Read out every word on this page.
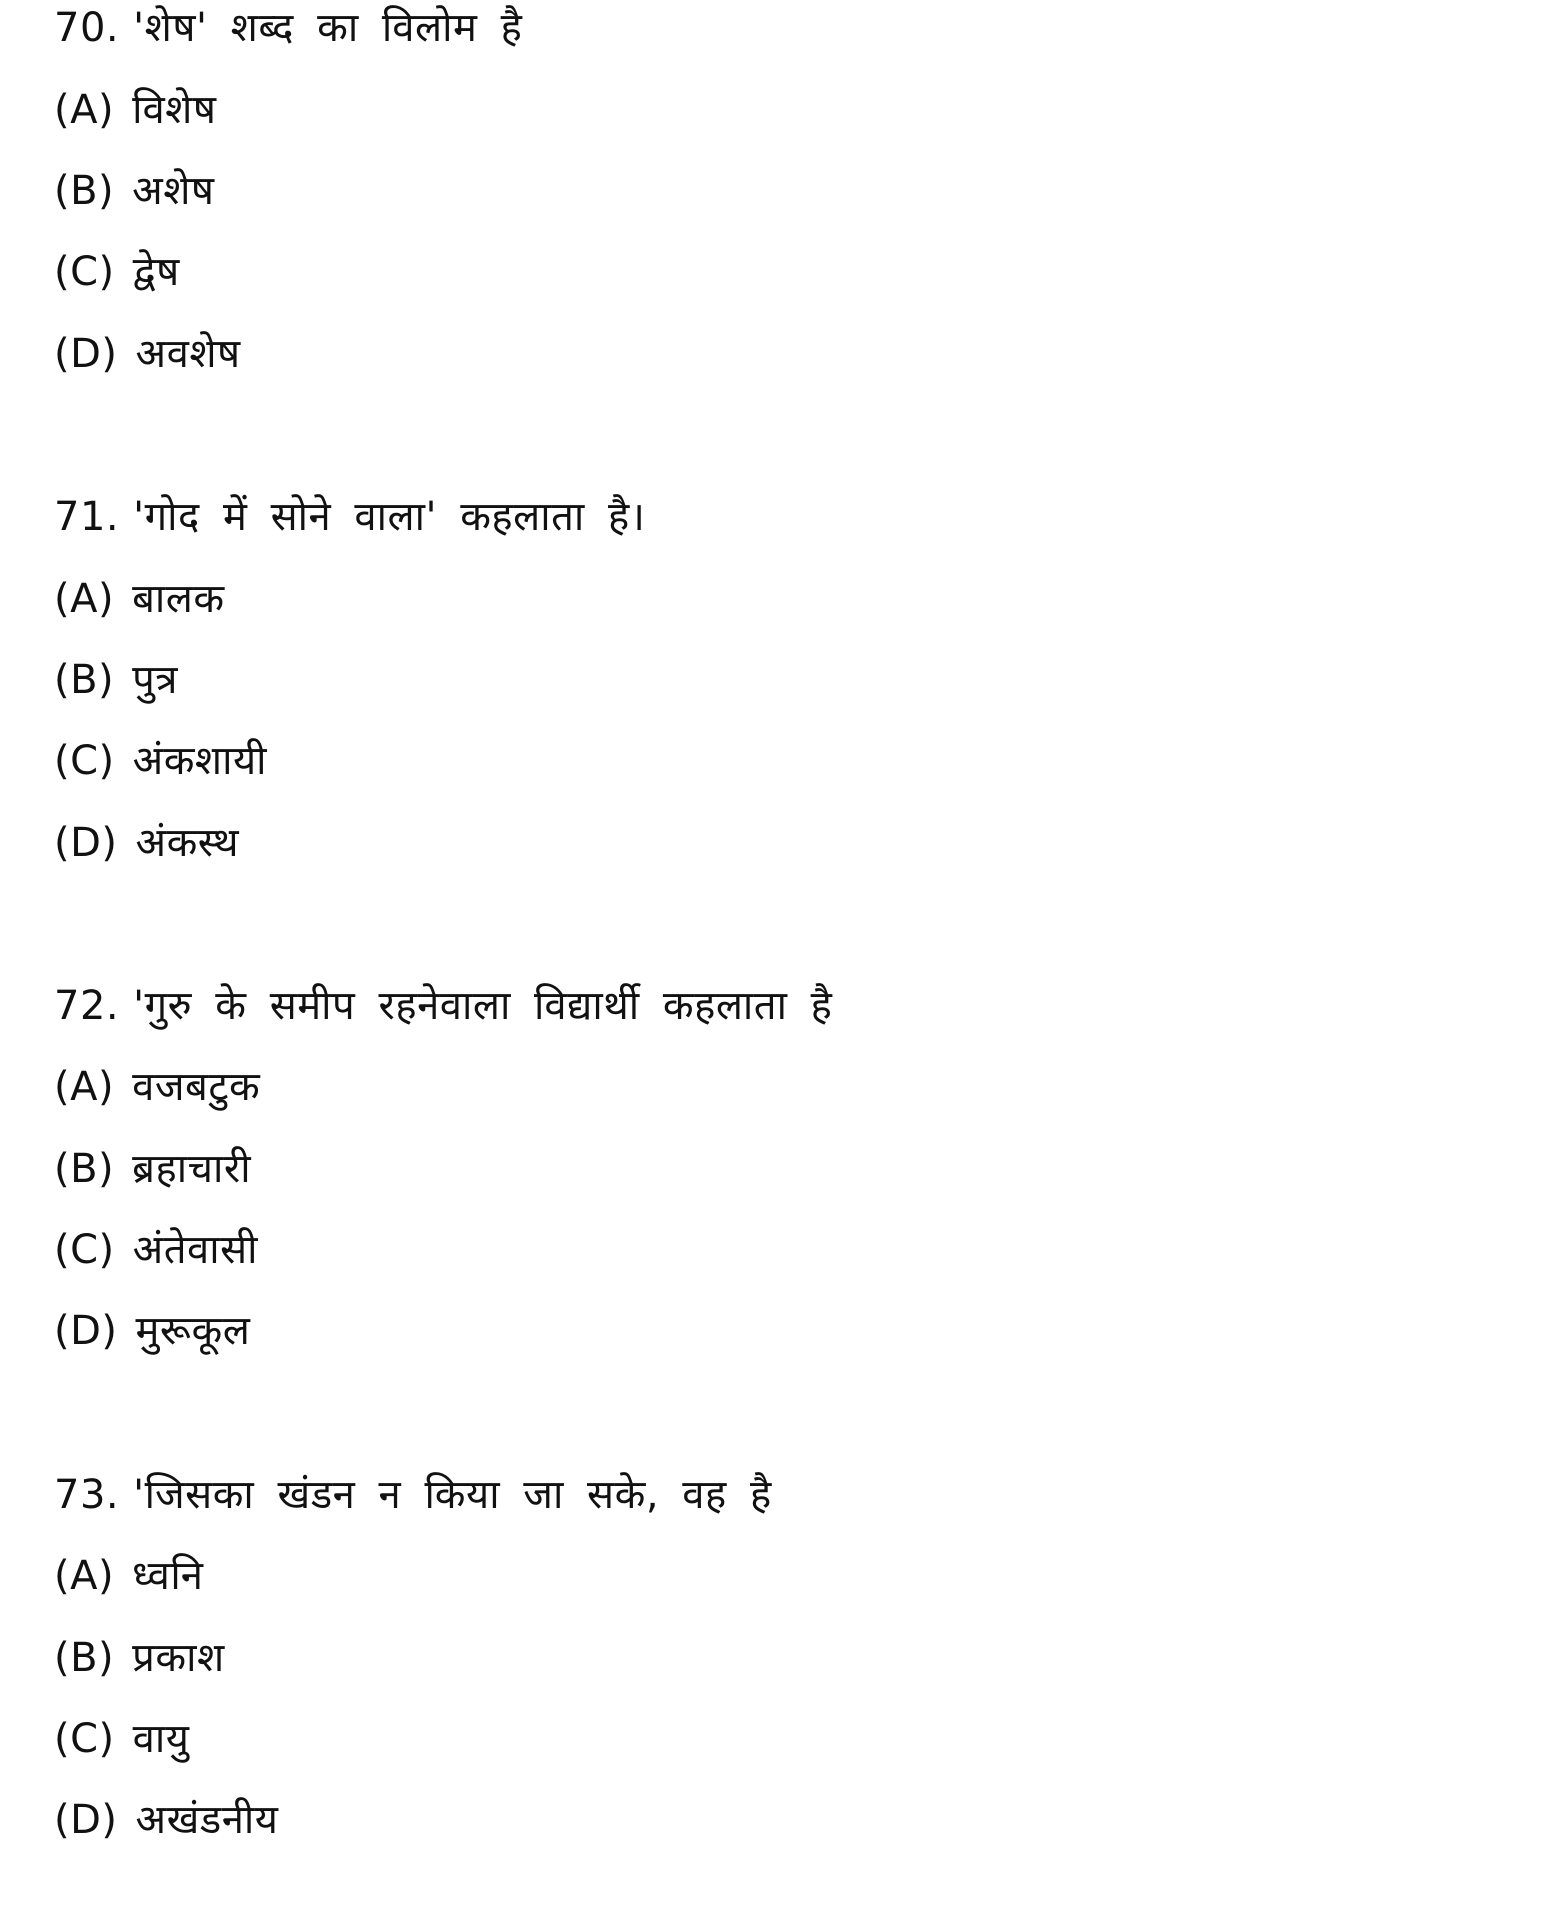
70. 'शेष' शब्द का विलोम है
(A) विशेष
(B) अशेष
(C) द्वेष
(D) अवशेष
71. 'गोद में सोने वाला' कहलाता है।
(A) बालक
(B) पुत्र
(C) अंकशायी
(D) अंकस्थ
72. 'गुरु के समीप रहनेवाला विद्यार्थी कहलाता है
(A) वजबटुक
(B) ब्रहाचारी
(C) अंतेवासी
(D) मुरूकूल
73. 'जिसका खंडन न किया जा सके, वह है
(A) ध्वनि
(B) प्रकाश
(C) वायु
(D) अखंडनीय
